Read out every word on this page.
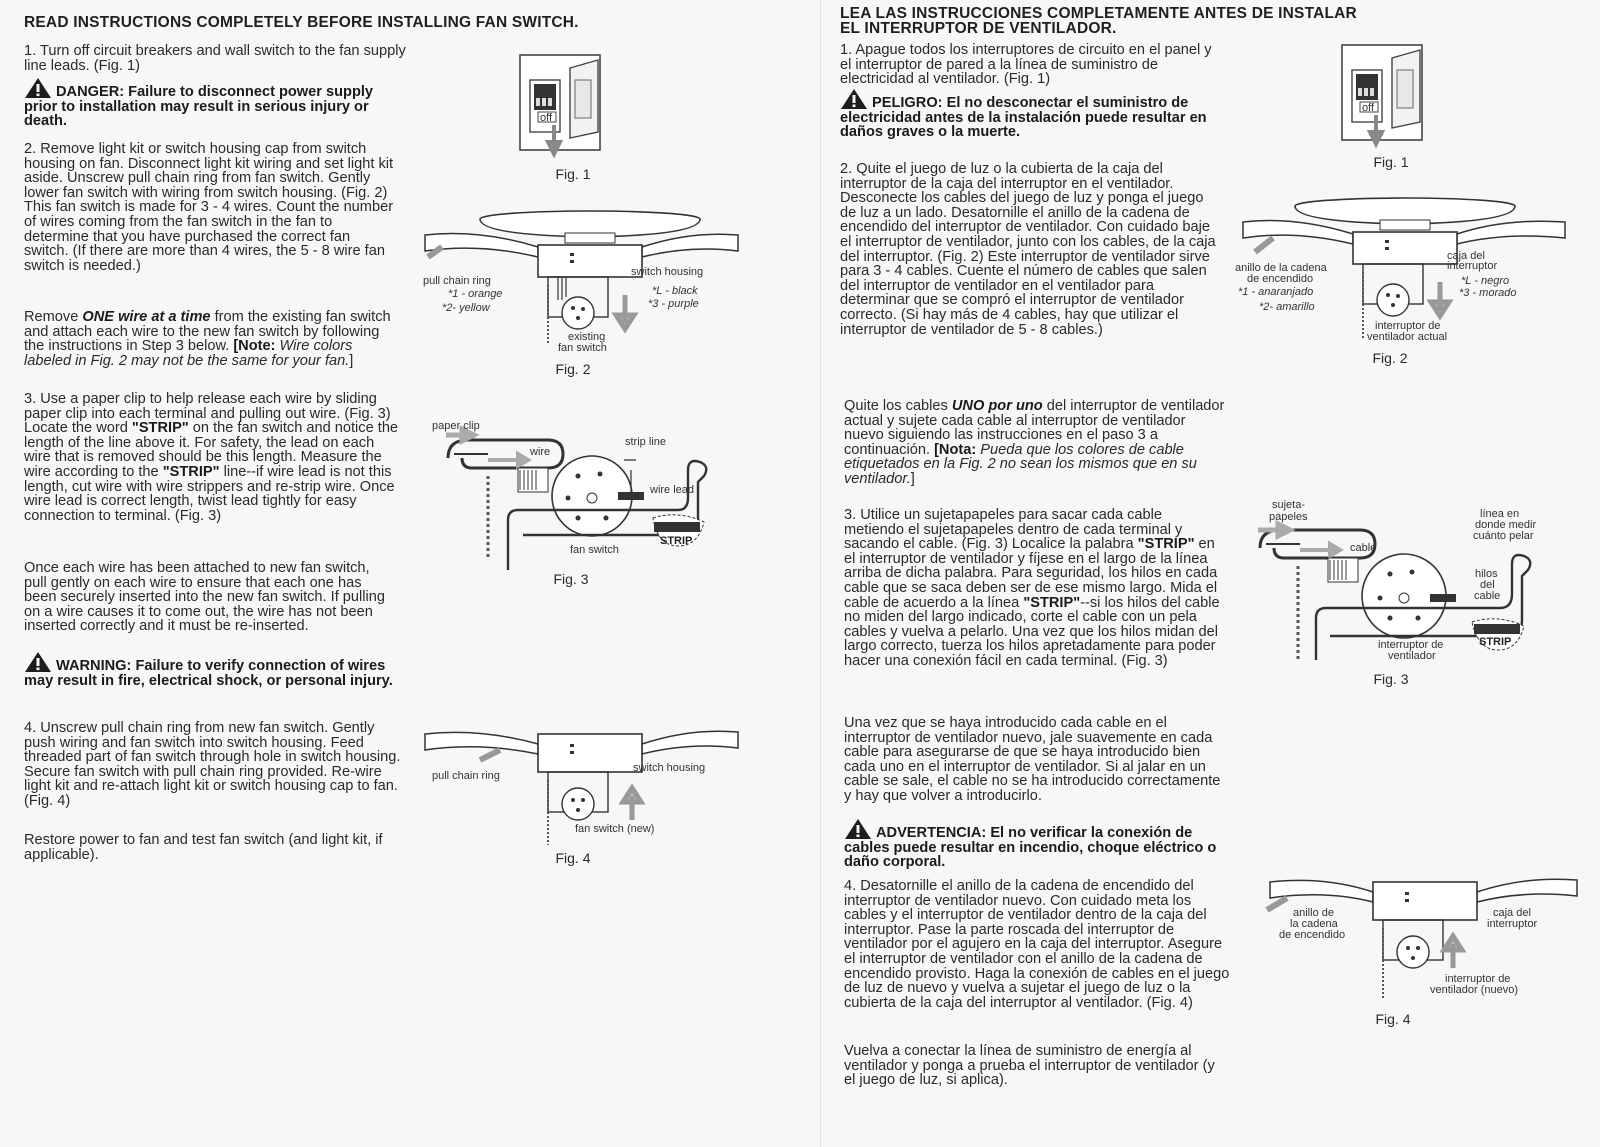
READ INSTRUCTIONS COMPLETELY BEFORE INSTALLING FAN SWITCH.

1. Turn off circuit breakers and wall switch to the fan supply line leads. (Fig. 1)

DANGER: Failure to disconnect power supply prior to installation may result in serious injury or death.

2. Remove light kit or switch housing cap from switch housing on fan. Disconnect light kit wiring and set light kit aside. Unscrew pull chain ring from fan switch. Gently lower fan switch with wiring from switch housing. (Fig. 2) This fan switch is made for 3 - 4 wires. Count the number of wires coming from the fan switch in the fan to determine that you have purchased the correct fan switch. (If there are more than 4 wires, the 5 - 8 wire fan switch is needed.)

Remove ONE wire at a time from the existing fan switch and attach each wire to the new fan switch by following the instructions in Step 3 below. [Note: Wire colors labeled in Fig. 2 may not be the same for your fan.]

3. Use a paper clip to help release each wire by sliding paper clip into each terminal and pulling out wire. (Fig. 3) Locate the word "STRIP" on the fan switch and notice the length of the line above it. For safety, the lead on each wire that is removed should be this length. Measure the wire according to the "STRIP" line--if wire lead is not this length, cut wire with wire strippers and re-strip wire. Once wire lead is correct length, twist lead tightly for easy connection to terminal. (Fig. 3)

Once each wire has been attached to new fan switch, pull gently on each wire to ensure that each one has been securely inserted into the new fan switch. If pulling on a wire causes it to come out, the wire has not been inserted correctly and it must be re-inserted.

WARNING: Failure to verify connection of wires may result in fire, electrical shock, or personal injury.

4. Unscrew pull chain ring from new fan switch. Gently push wiring and fan switch into switch housing. Feed threaded part of fan switch through hole in switch housing. Secure fan switch with pull chain ring provided. Re-wire light kit and re-attach light kit or switch housing cap to fan. (Fig. 4)

Restore power to fan and test fan switch (and light kit, if applicable).

off
Fig. 1
pull chain ring
*1 - orange
*2- yellow
switch housing
*L - black
*3 - purple
existing
fan switch
Fig. 2
STRIP
paper clip
wire
strip line
wire lead
fan switch
Fig. 3
pull chain ring
switch housing
fan switch (new)
Fig. 4
LEA LAS INSTRUCCIONES COMPLETAMENTE ANTES DE INSTALAR
EL INTERRUPTOR DE VENTILADOR.

1. Apague todos los interruptores de circuito en el panel y el interruptor de pared a la línea de suministro de electricidad al ventilador. (Fig. 1)

PELIGRO: El no desconectar el suministro de electricidad antes de la instalación puede resultar en daños graves o la muerte.

2. Quite el juego de luz o la cubierta de la caja del interruptor de la caja del interruptor en el ventilador. Desconecte los cables del juego de luz y ponga el juego de luz a un lado. Desatornille el anillo de la cadena de encendido del interruptor de ventilador. Con cuidado baje el interruptor de ventilador, junto con los cables, de la caja del interruptor. (Fig. 2) Este interruptor de ventilador sirve para 3 - 4 cables. Cuente el número de cables que salen del interruptor de ventilador en el ventilador para determinar que se compró el interruptor de ventilador correcto. (Si hay más de 4 cables, hay que utilizar el interruptor de ventilador de 5 - 8 cables.)

Quite los cables UNO por uno del interruptor de ventilador actual y sujete cada cable al interruptor de ventilador nuevo siguiendo las instrucciones en el paso 3 a continuación. [Nota: Pueda que los colores de cable etiquetados en la Fig. 2 no sean los mismos que en su ventilador.]

3. Utilice un sujetapapeles para sacar cada cable metiendo el sujetapapeles dentro de cada terminal y sacando el cable. (Fig. 3) Localice la palabra "STRIP" en el interruptor de ventilador y fíjese en el largo de la línea arriba de dicha palabra. Para seguridad, los hilos en cada cable que se saca deben ser de ese mismo largo. Mida el cable de acuerdo a la línea "STRIP"--si los hilos del cable no miden del largo indicado, corte el cable con un pela cables y vuelva a pelarlo. Una vez que los hilos midan del largo correcto, tuerza los hilos apretadamente para poder hacer una conexión fácil en cada terminal. (Fig. 3)

Una vez que se haya introducido cada cable en el interruptor de ventilador nuevo, jale suavemente en cada cable para asegurarse de que se haya introducido bien cada uno en el interruptor de ventilador. Si al jalar en un cable se sale, el cable no se ha introducido correctamente y hay que volver a introducirlo.

ADVERTENCIA: El no verificar la conexión de cables puede resultar en incendio, choque eléctrico o daño corporal.

4. Desatornille el anillo de la cadena de encendido del interruptor de ventilador nuevo. Con cuidado meta los cables y el interruptor de ventilador dentro de la caja del interruptor. Pase la parte roscada del interruptor de ventilador por el agujero en la caja del interruptor. Asegure el interruptor de ventilador con el anillo de la cadena de encendido provisto. Haga la conexión de cables en el juego de luz de nuevo y vuelva a sujetar el juego de luz o la cubierta de la caja del interruptor al ventilador. (Fig. 4)

Vuelva a conectar la línea de suministro de energía al ventilador y ponga a prueba el interruptor de ventilador (y el juego de luz, si aplica).

off
Fig. 1
anillo de la cadena
de encendido
*1 - anaranjado
*2- amarillo
caja del
interruptor
*L - negro
*3 - morado
interruptor de
ventilador actual
Fig. 2
STRIP
sujeta-
papeles
cable
línea en
donde medir
cuánto pelar
hilos
del
cable
interruptor de
ventilador
Fig. 3
anillo de
la cadena
de encendido
caja del
interruptor
interruptor de
ventilador (nuevo)
Fig. 4
